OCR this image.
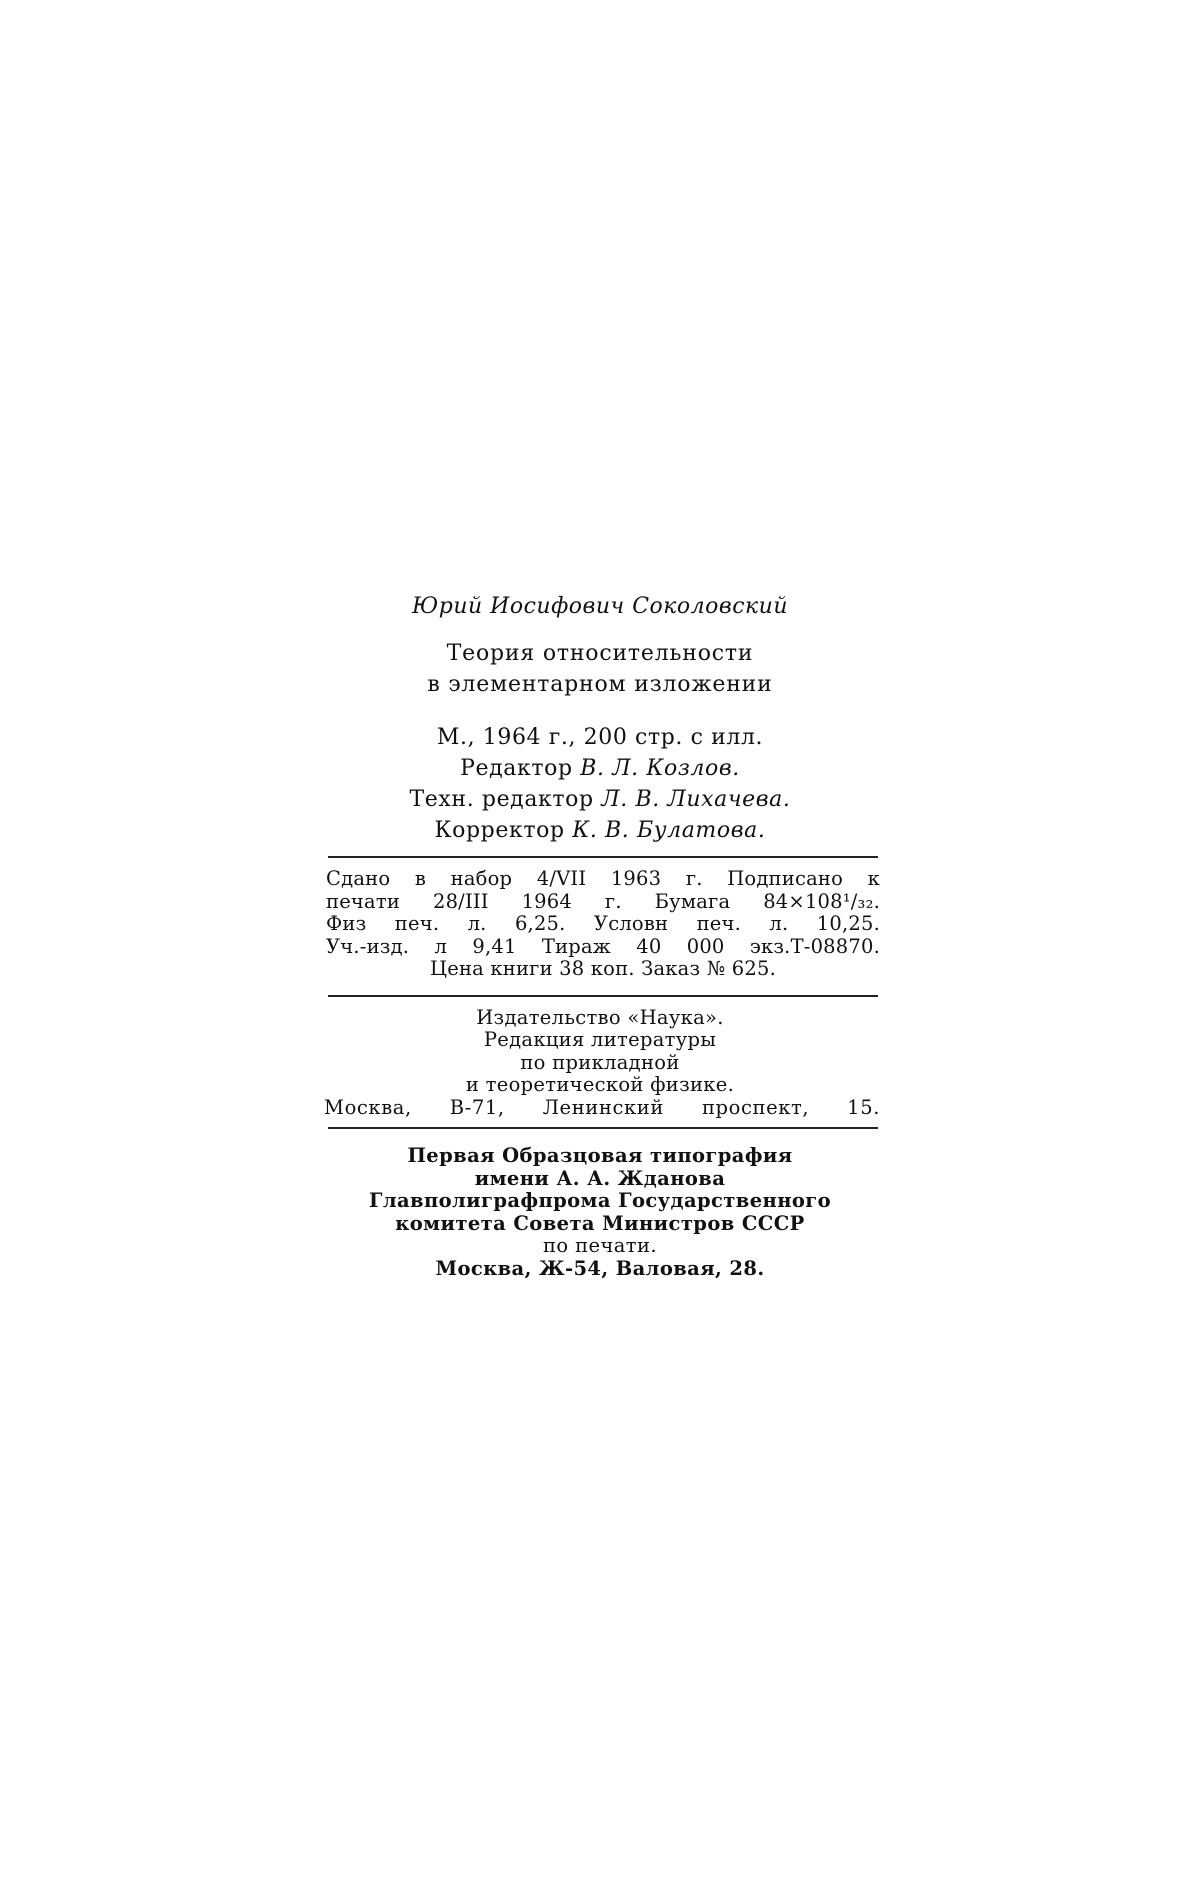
Юрий Иосифович Соколовский
Теория относительности
в элементарном изложении
М., 1964 г., 200 стр. с илл.
Редактор В. Л. Козлов.
Техн. редактор Л. В. Лихачева.
Корректор К. В. Булатова.
Сдано в набор 4/VII 1963 г. Подписано к
печати 28/III 1964 г. Бумага 84×108¹/₃₂.
Физ печ. л. 6,25. Условн печ. л. 10,25.
Уч.-изд. л 9,41 Тираж 40 000 экз.Т-08870.
Цена книги 38 коп. Заказ № 625.
Издательство «Наука».
Редакция литературы
по прикладной
и теоретической физике.
Москва, В-71, Ленинский проспект, 15.
Первая Образцовая типография
имени А. А. Жданова
Главполиграфпрома Государственного
комитета Совета Министров СССР
по печати.
Москва, Ж-54, Валовая, 28.
